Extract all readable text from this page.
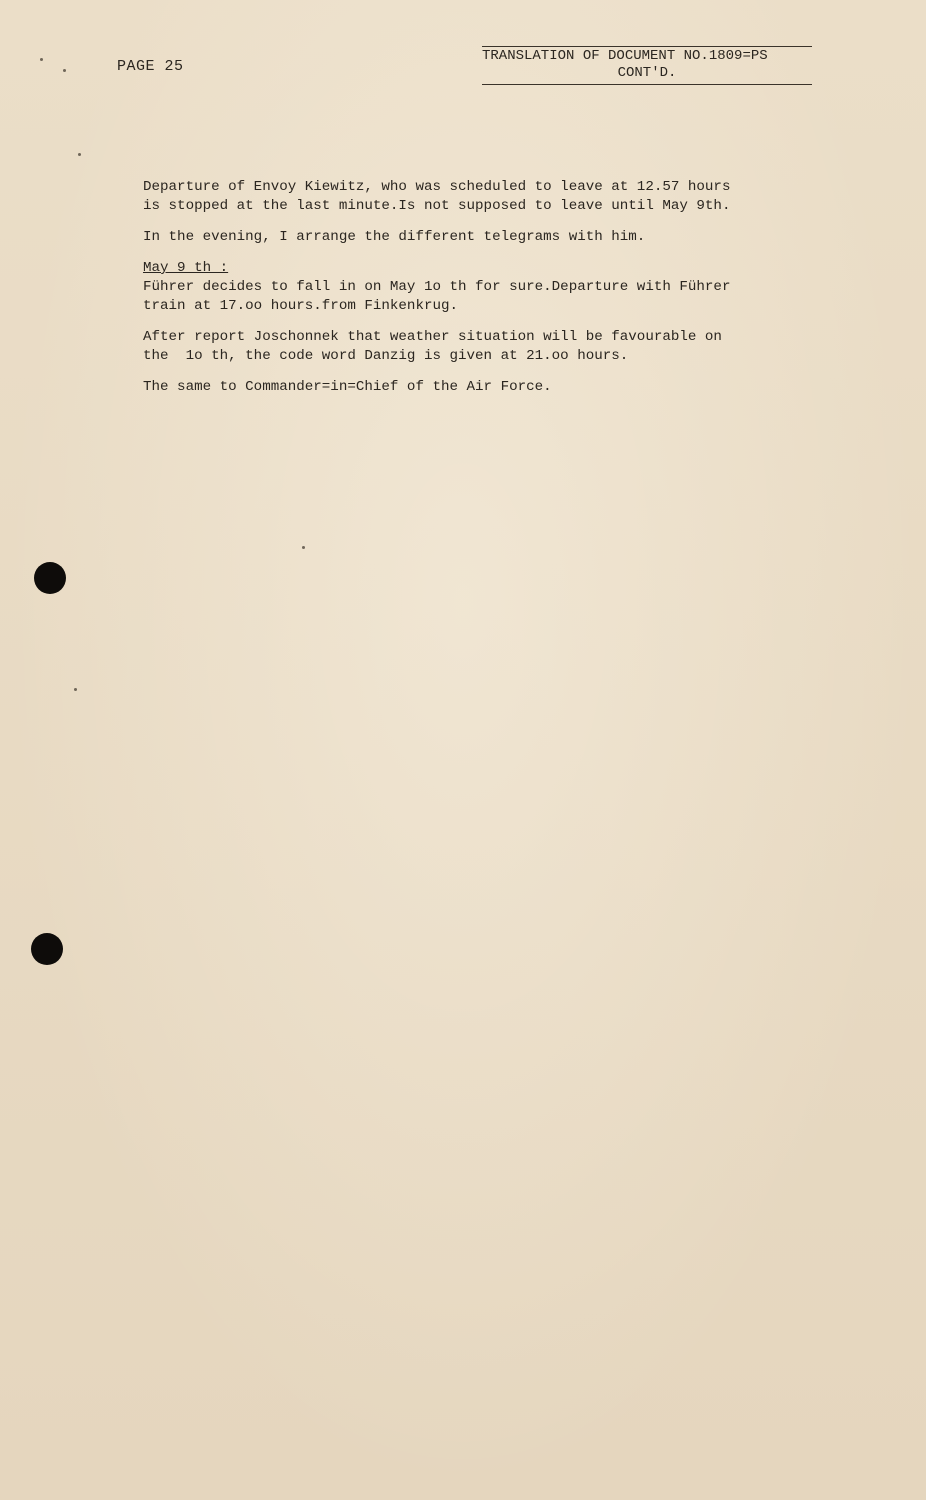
PAGE 25

TRANSLATION OF DOCUMENT NO.1809=PS

CONT'D.

Departure of Envoy Kiewitz, who was scheduled to leave at 12.57 hours
is stopped at the last minute.Is not supposed to leave until May 9th.

In the evening, I arrange the different telegrams with him.

May 9 th :

Führer decides to fall in on May 1o th for sure.Departure with Führer
train at 17.oo hours.from Finkenkrug.

After report Joschonnek that weather situation will be favourable on
the  1o th, the code word Danzig is given at 21.oo hours.

The same to Commander=in=Chief of the Air Force.
